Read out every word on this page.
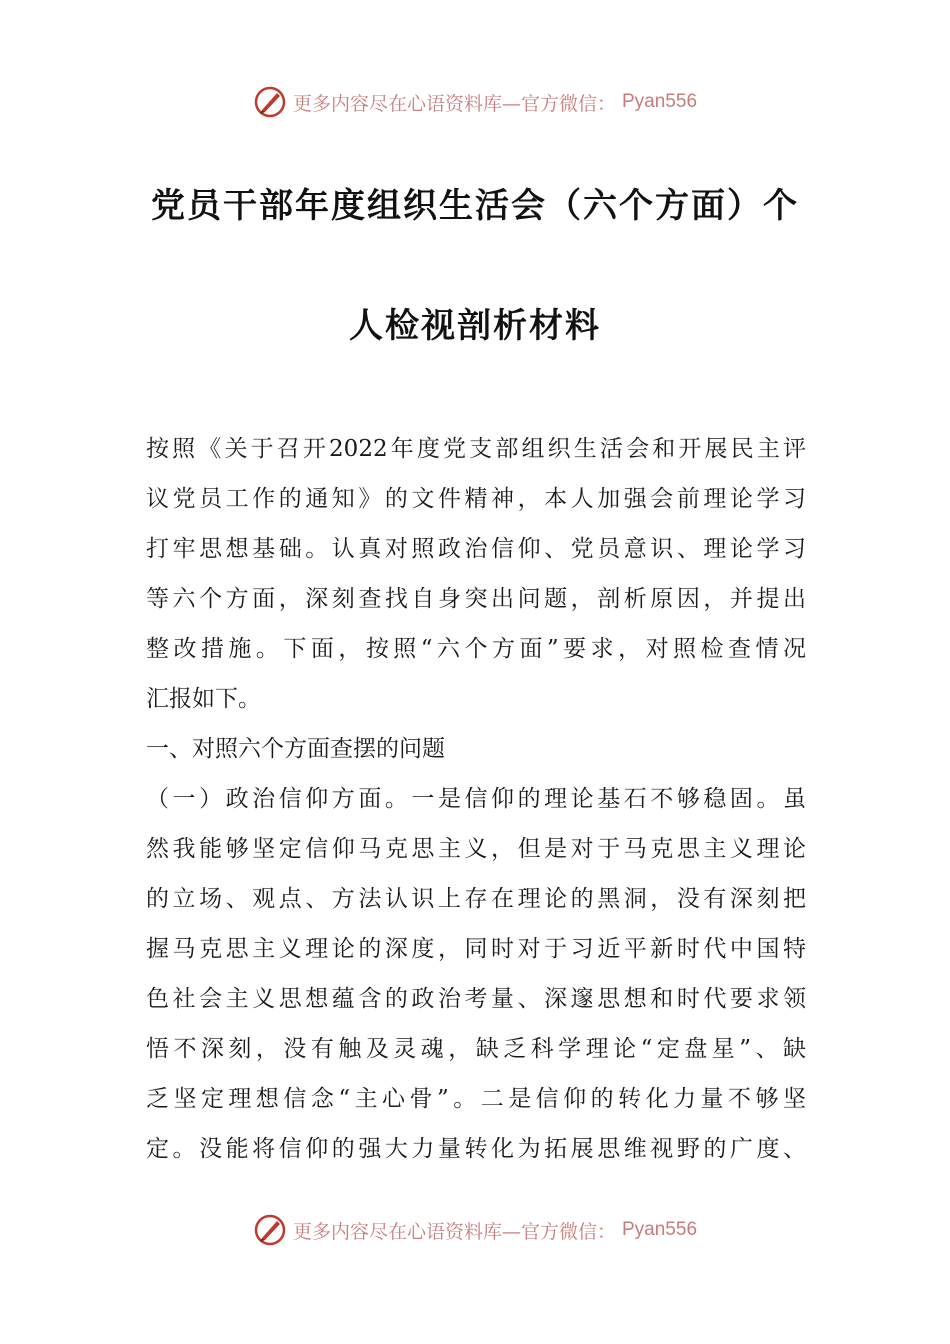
更多内容尽在心语资料库—官方微信： Pyan556
党员干部年度组织生活会（六个方面）个
人检视剖析材料
按照《关于召开2022年度党支部组织生活会和开展民主评
议党员工作的通知》的文件精神，本人加强会前理论学习
打牢思想基础。认真对照政治信仰、党员意识、理论学习
等六个方面，深刻查找自身突出问题，剖析原因，并提出
整改措施。下面，按照“六个方面”要求，对照检查情况
汇报如下。
一、对照六个方面查摆的问题
（一）政治信仰方面。一是信仰的理论基石不够稳固。虽
然我能够坚定信仰马克思主义，但是对于马克思主义理论
的立场、观点、方法认识上存在理论的黑洞，没有深刻把
握马克思主义理论的深度，同时对于习近平新时代中国特
色社会主义思想蕴含的政治考量、深邃思想和时代要求领
悟不深刻，没有触及灵魂，缺乏科学理论“定盘星”、缺
乏坚定理想信念“主心骨”。二是信仰的转化力量不够坚
定。没能将信仰的强大力量转化为拓展思维视野的广度、
更多内容尽在心语资料库—官方微信： Pyan556
